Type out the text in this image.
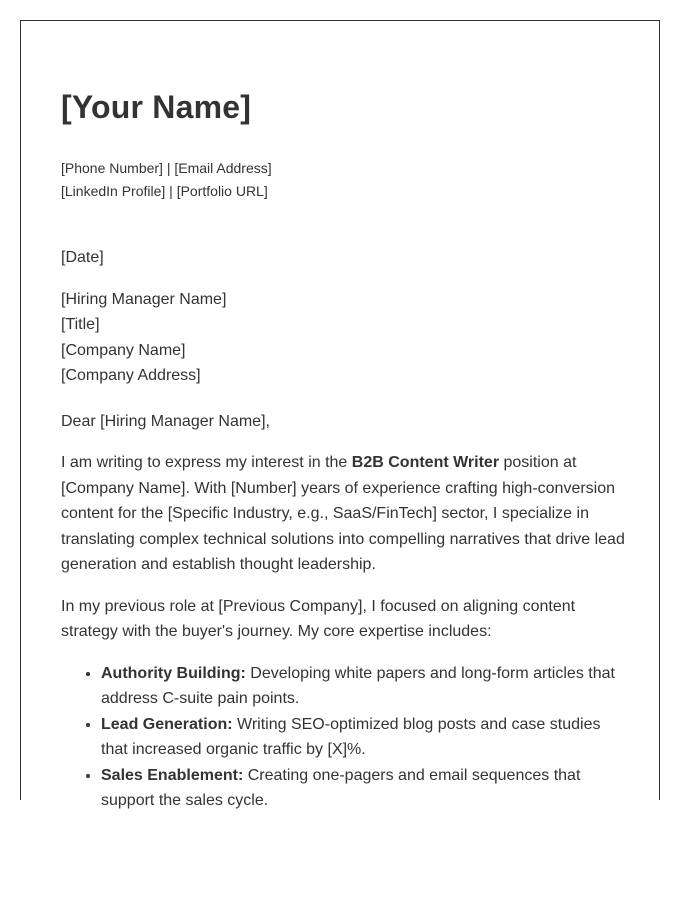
[Your Name]
[Phone Number] | [Email Address]
[LinkedIn Profile] | [Portfolio URL]
[Date]
[Hiring Manager Name]
[Title]
[Company Name]
[Company Address]
Dear [Hiring Manager Name],

I am writing to express my interest in the B2B Content Writer position at [Company Name]. With [Number] years of experience crafting high-conversion content for the [Specific Industry, e.g., SaaS/FinTech] sector, I specialize in translating complex technical solutions into compelling narratives that drive lead generation and establish thought leadership.

In my previous role at [Previous Company], I focused on aligning content strategy with the buyer's journey. My core expertise includes:
• Authority Building: Developing white papers and long-form articles that address C-suite pain points.
• Lead Generation: Writing SEO-optimized blog posts and case studies that increased organic traffic by [X]%.
• Sales Enablement: Creating one-pagers and email sequences that support the sales cycle.
